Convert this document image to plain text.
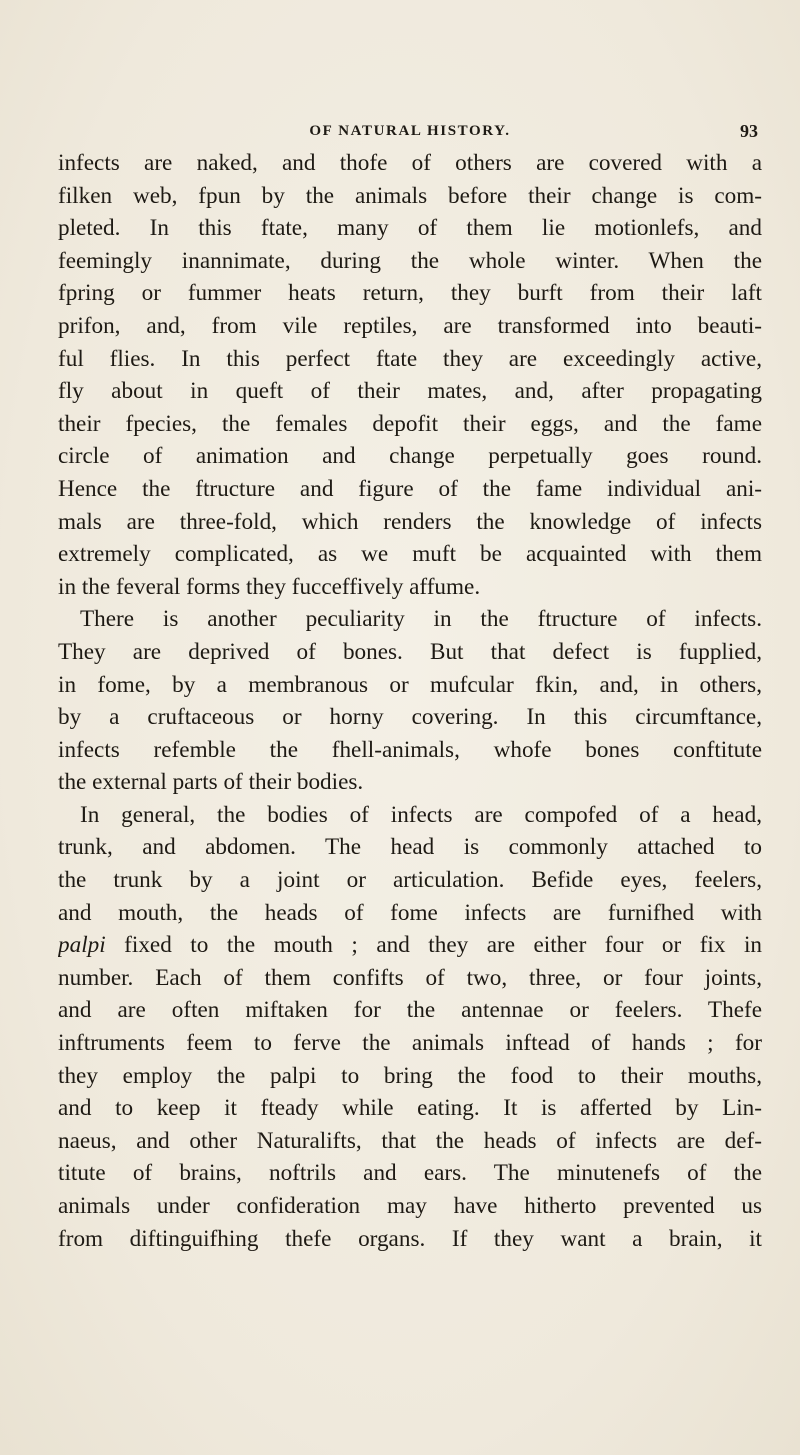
OF NATURAL HISTORY.	93
infects are naked, and thofe of others are covered with a
filken web, fpun by the animals before their change is com-
pleted. In this ftate, many of them lie motionlefs, and
feemingly inannimate, during the whole winter. When the
fpring or fummer heats return, they burft from their laft
prifon, and, from vile reptiles, are transformed into beauti-
ful flies. In this perfect ftate they are exceedingly active,
fly about in queft of their mates, and, after propagating
their fpecies, the females depofit their eggs, and the fame
circle of animation and change perpetually goes round.
Hence the ftructure and figure of the fame individual ani-
mals are three-fold, which renders the knowledge of infects
extremely complicated, as we muft be acquainted with them
in the feveral forms they fucceffively affume.
There is another peculiarity in the ftructure of infects.
They are deprived of bones. But that defect is fupplied,
in fome, by a membranous or mufcular fkin, and, in others,
by a cruftaceous or horny covering. In this circumftance,
infects refemble the fhell-animals, whofe bones conftitute
the external parts of their bodies.
In general, the bodies of infects are compofed of a head,
trunk, and abdomen. The head is commonly attached to
the trunk by a joint or articulation. Befide eyes, feelers,
and mouth, the heads of fome infects are furnifhed with
palpi fixed to the mouth ; and they are either four or fix in
number. Each of them confifts of two, three, or four joints,
and are often miftaken for the antennae or feelers. Thefe
inftruments feem to ferve the animals inftead of hands ; for
they employ the palpi to bring the food to their mouths,
and to keep it fteady while eating. It is afferted by Lin-
naeus, and other Naturalifts, that the heads of infects are def-
titute of brains, noftrils and ears. The minutenefs of the
animals under confideration may have hitherto prevented us
from diftinguifhing thefe organs. If they want a brain, it
